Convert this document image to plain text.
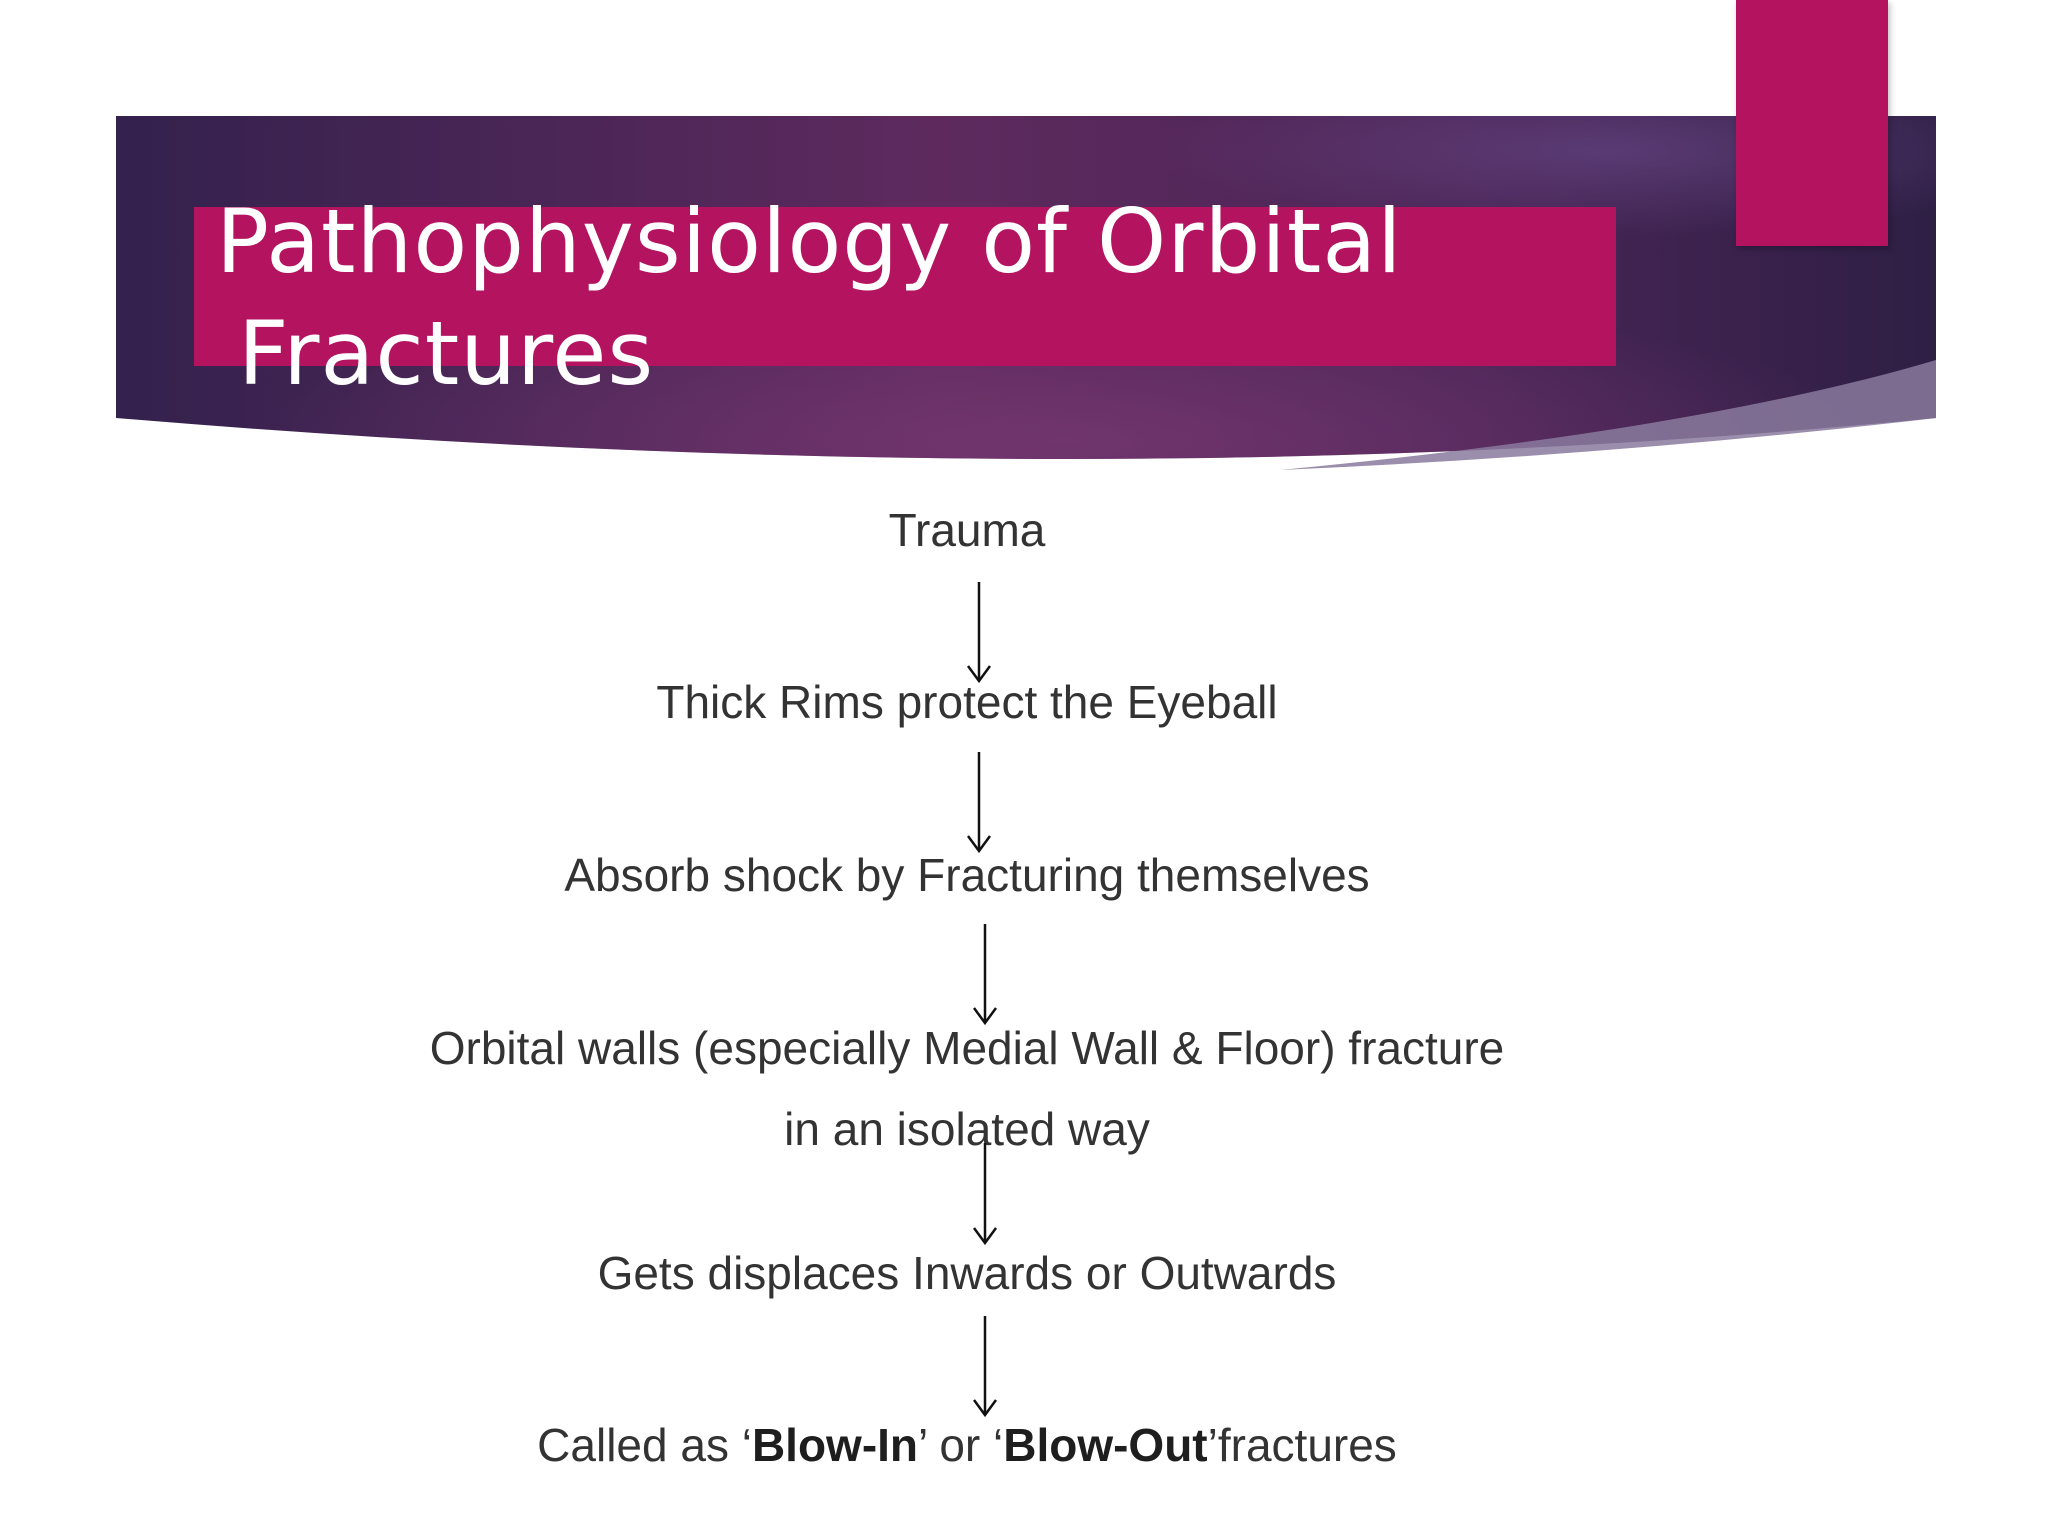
Pathophysiology of Orbital
Fractures

Trauma

Thick Rims protect the Eyeball

Absorb shock by Fracturing themselves

Orbital walls (especially Medial Wall & Floor) fracture

in an isolated way

Gets displaces Inwards or Outwards

Called as ‘Blow-In’ or ‘Blow-Out’fractures
